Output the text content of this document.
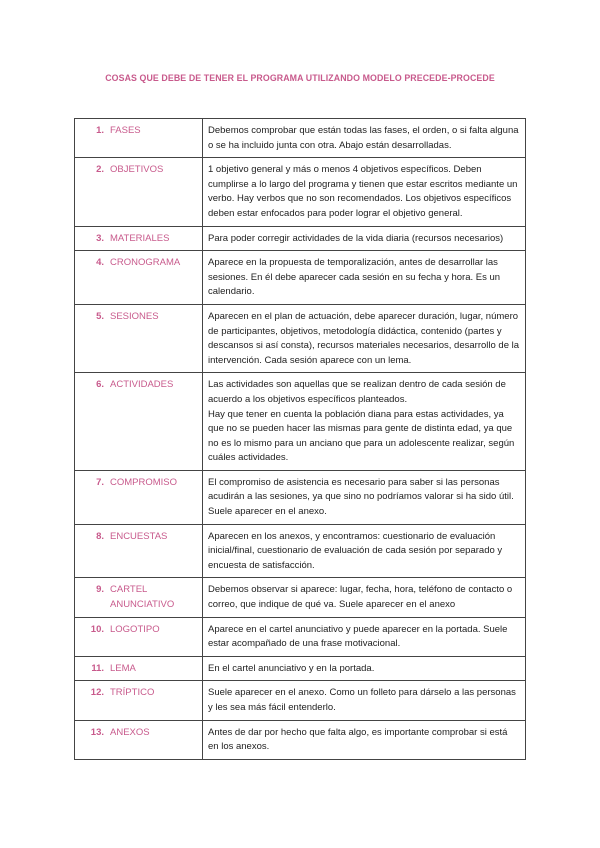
COSAS QUE DEBE DE TENER EL PROGRAMA UTILIZANDO MODELO PRECEDE-PROCEDE
1. FASES	Debemos comprobar que están todas las fases, el orden, o si falta alguna o se ha incluido junta con otra. Abajo están desarrolladas.
2. OBJETIVOS	1 objetivo general y más o menos 4 objetivos específicos. Deben cumplirse a lo largo del programa y tienen que estar escritos mediante un verbo. Hay verbos que no son recomendados. Los objetivos específicos deben estar enfocados para poder lograr el objetivo general.
3. MATERIALES	Para poder corregir actividades de la vida diaria (recursos necesarios)
4. CRONOGRAMA	Aparece en la propuesta de temporalización, antes de desarrollar las sesiones. En él debe aparecer cada sesión en su fecha y hora. Es un calendario.
5. SESIONES	Aparecen en el plan de actuación, debe aparecer duración, lugar, número de participantes, objetivos, metodología didáctica, contenido (partes y descansos si así consta), recursos materiales necesarios, desarrollo de la intervención. Cada sesión aparece con un lema.
6. ACTIVIDADES	Las actividades son aquellas que se realizan dentro de cada sesión de acuerdo a los objetivos específicos planteados.
Hay que tener en cuenta la población diana para estas actividades, ya que no se pueden hacer las mismas para gente de distinta edad, ya que no es lo mismo para un anciano que para un adolescente realizar, según cuáles actividades.
7. COMPROMISO	El compromiso de asistencia es necesario para saber si las personas acudirán a las sesiones, ya que sino no podríamos valorar si ha sido útil. Suele aparecer en el anexo.
8. ENCUESTAS	Aparecen en los anexos, y encontramos: cuestionario de evaluación inicial/final, cuestionario de evaluación de cada sesión por separado y encuesta de satisfacción.
9. CARTEL ANUNCIATIVO	Debemos observar si aparece: lugar, fecha, hora, teléfono de contacto o correo, que indique de qué va. Suele aparecer en el anexo
10. LOGOTIPO	Aparece en el cartel anunciativo y puede aparecer en la portada. Suele estar acompañado de una frase motivacional.
11. LEMA	En el cartel anunciativo y en la portada.
12. TRÍPTICO	Suele aparecer en el anexo. Como un folleto para dárselo a las personas y les sea más fácil entenderlo.
13. ANEXOS	Antes de dar por hecho que falta algo, es importante comprobar si está en los anexos.
